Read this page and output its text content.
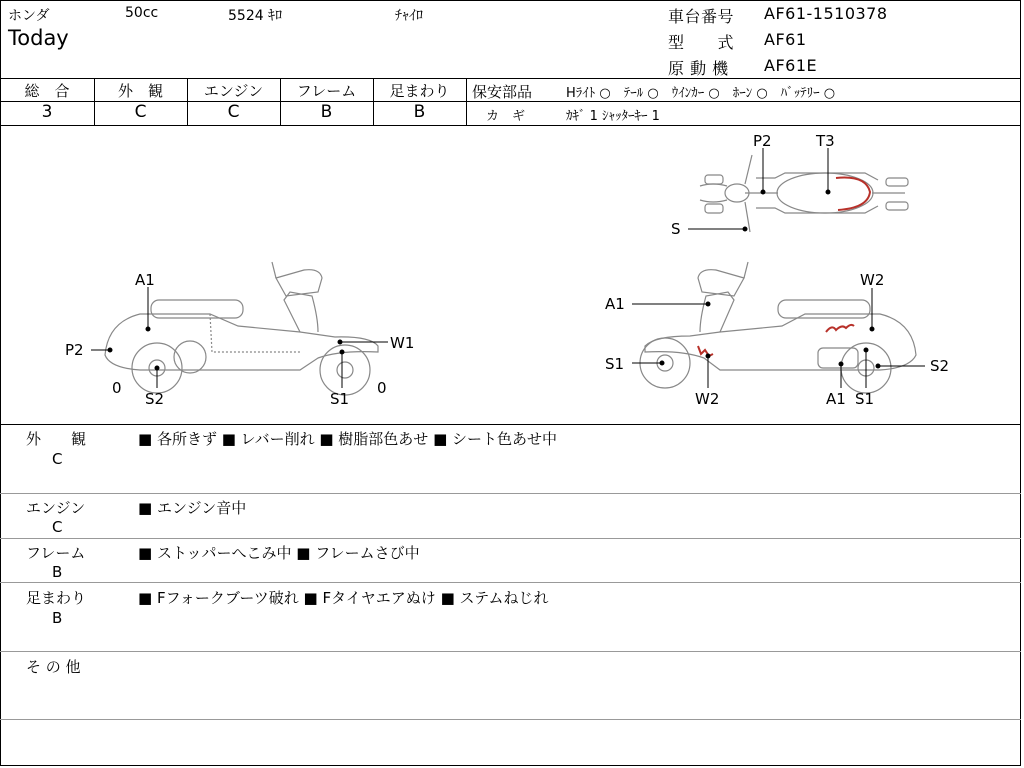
ホンダ	50cc	5524 ｷﾛ	ﾁｬｲﾛ
Today
車台番号 AF61-1510378
型　　式 AF61
原 動 機 AF61E
総　合	外　観	エンジン	フレーム	足まわり
3	C	C	B	B
保安部品	Hﾗｲﾄ ○　ﾃｰﾙ ○　ｳｲﾝｶｰ ○　ﾎｰﾝ ○　ﾊﾞｯﾃﾘｰ ○
カ　ギ	ｶｷﾞ 1 ｼｬｯﾀｰｷｰ 1
A1
P2	W1
0
S2	S1
0
P2	T3
S
A1
W2
S1	S2
W2	A1 S1
外　　観
C
■ 各所きず ■ レバー削れ ■ 樹脂部色あせ ■ シート色あせ中
エンジン
C
■ エンジン音中
フレーム
B
■ ストッパーへこみ中 ■ フレームさび中
足まわり
B
■ Fフォークブーツ破れ ■ Fタイヤエアぬけ ■ ステムねじれ
そ の 他
